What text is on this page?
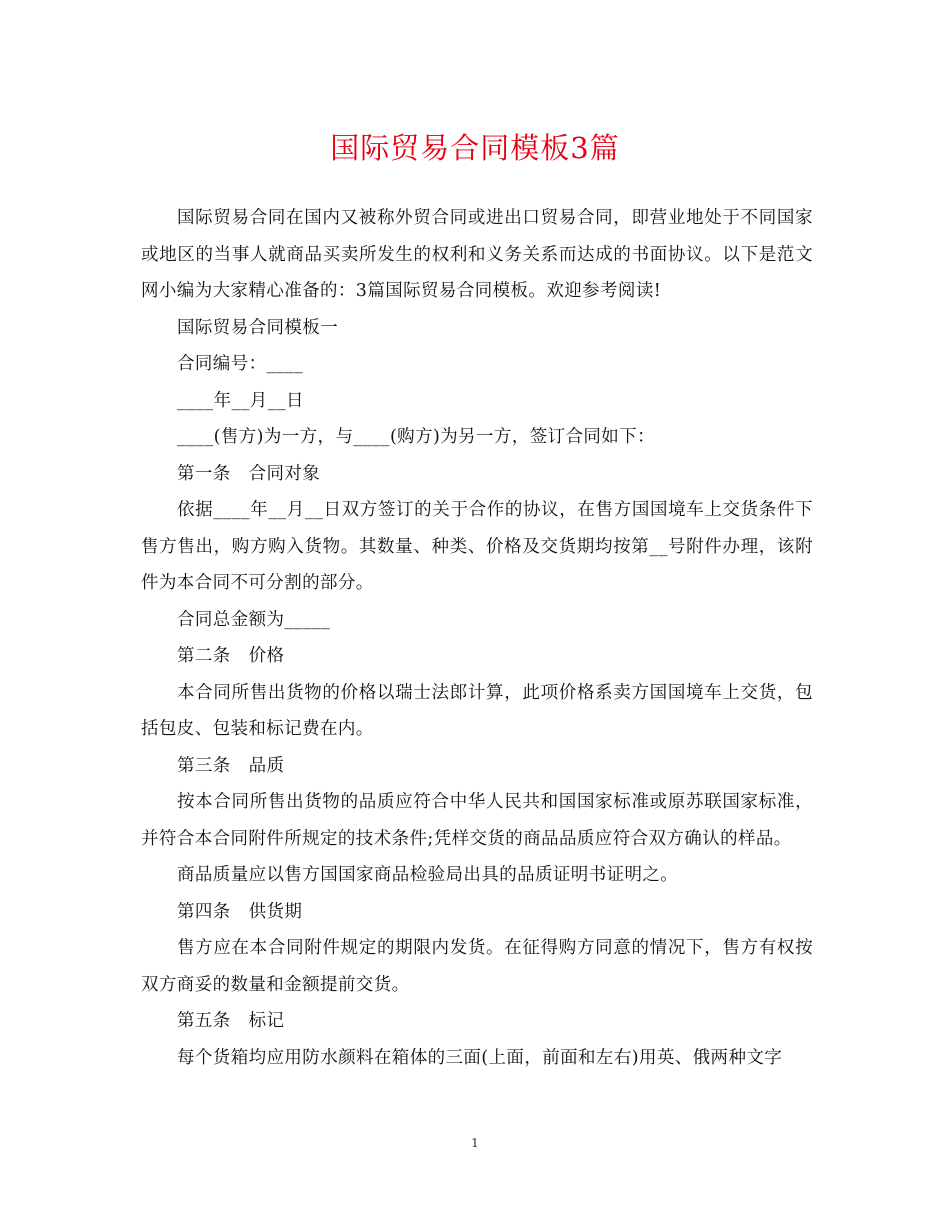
国际贸易合同模板3篇

国际贸易合同在国内又被称外贸合同或进出口贸易合同，即营业地处于不同国家或地区的当事人就商品买卖所发生的权利和义务关系而达成的书面协议。以下是范文网小编为大家精心准备的：3篇国际贸易合同模板。欢迎参考阅读!

国际贸易合同模板一

合同编号：____

____年__月__日

____(售方)为一方，与____(购方)为另一方，签订合同如下：

第一条　合同对象

依据____年__月__日双方签订的关于合作的协议，在售方国国境车上交货条件下售方售出，购方购入货物。其数量、种类、价格及交货期均按第__号附件办理，该附件为本合同不可分割的部分。

合同总金额为_____

第二条　价格

本合同所售出货物的价格以瑞士法郎计算，此项价格系卖方国国境车上交货，包括包皮、包装和标记费在内。

第三条　品质

按本合同所售出货物的品质应符合中华人民共和国国家标准或原苏联国家标准，并符合本合同附件所规定的技术条件;凭样交货的商品品质应符合双方确认的样品。

商品质量应以售方国国家商品检验局出具的品质证明书证明之。

第四条　供货期

售方应在本合同附件规定的期限内发货。在征得购方同意的情况下，售方有权按双方商妥的数量和金额提前交货。

第五条　标记

每个货箱均应用防水颜料在箱体的三面(上面，前面和左右)用英、俄两种文字

1
